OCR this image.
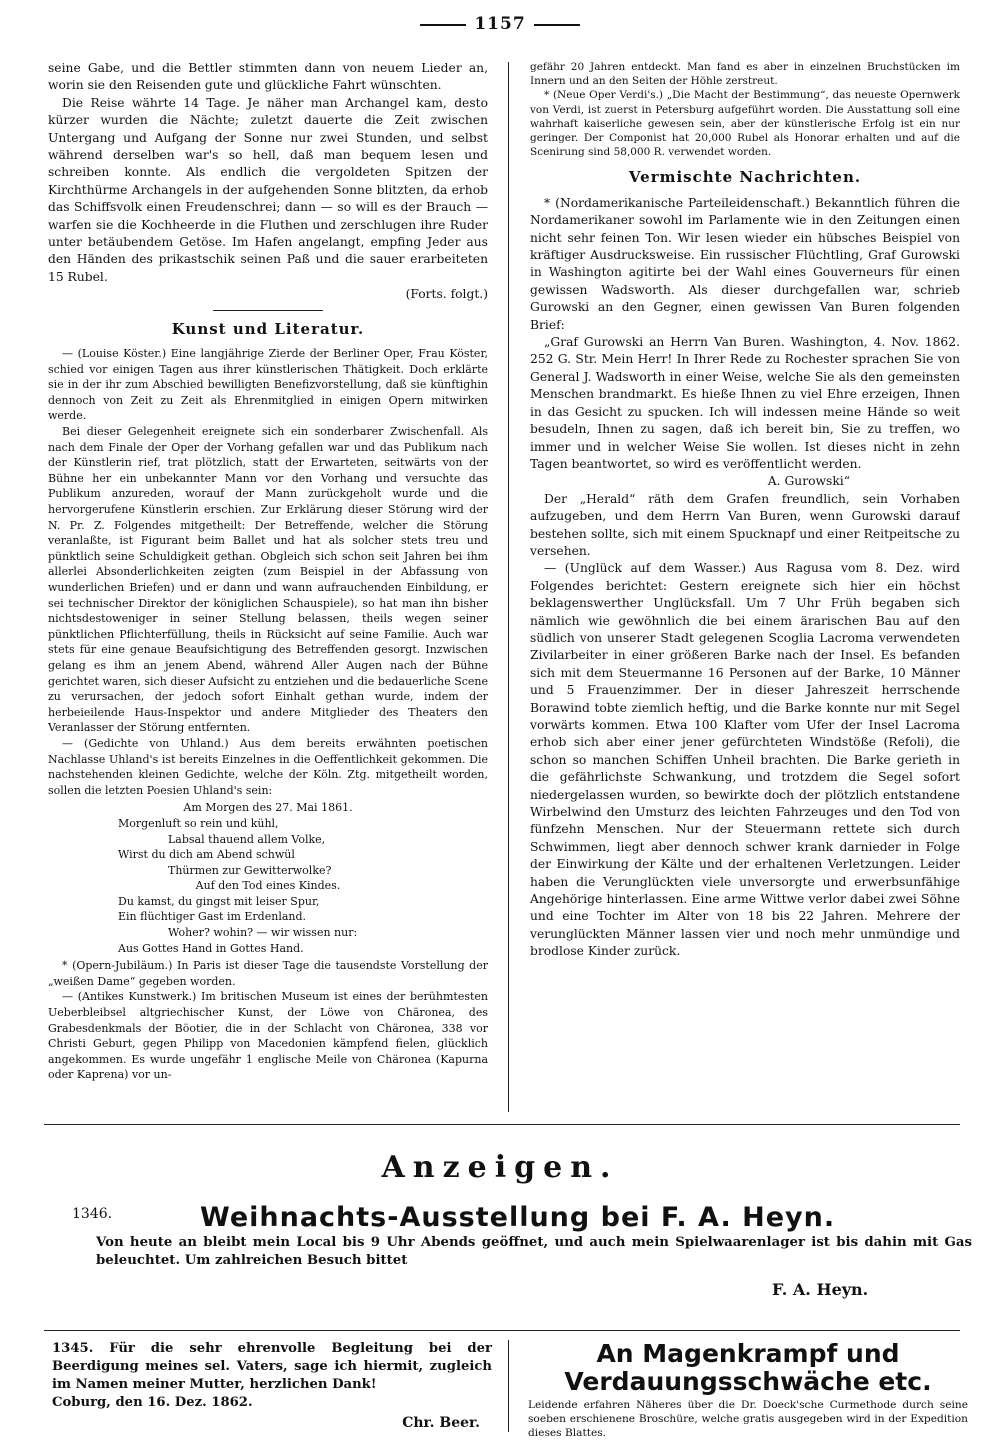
1157

seine Gabe, und die Bettler stimmten dann von neuem Lieder an, worin sie den Reisenden gute und glückliche Fahrt wünschten.

Die Reise währte 14 Tage. Je näher man Archangel kam, desto kürzer wurden die Nächte; zuletzt dauerte die Zeit zwischen Untergang und Aufgang der Sonne nur zwei Stunden, und selbst während derselben war's so hell, daß man bequem lesen und schreiben konnte. Als endlich die vergoldeten Spitzen der Kirchthürme Archangels in der aufgehenden Sonne blitzten, da erhob das Schiffsvolk einen Freudenschrei; dann — so will es der Brauch — warfen sie die Kochheerde in die Fluthen und zerschlugen ihre Ruder unter betäubendem Getöse. Im Hafen angelangt, empfing Jeder aus den Händen des prikastschik seinen Paß und die sauer erarbeiteten 15 Rubel.

(Forts. folgt.)

Kunst und Literatur.

— (Louise Köster.) Eine langjährige Zierde der Berliner Oper, Frau Köster, schied vor einigen Tagen aus ihrer künstlerischen Thätigkeit. Doch erklärte sie in der ihr zum Abschied bewilligten Benefizvorstellung, daß sie künftighin dennoch von Zeit zu Zeit als Ehrenmitglied in einigen Opern mitwirken werde.

Bei dieser Gelegenheit ereignete sich ein sonderbarer Zwischenfall. Als nach dem Finale der Oper der Vorhang gefallen war und das Publikum nach der Künstlerin rief, trat plötzlich, statt der Erwarteten, seitwärts von der Bühne her ein unbekannter Mann vor den Vorhang und versuchte das Publikum anzureden, worauf der Mann zurückgeholt wurde und die hervorgerufene Künstlerin erschien. Zur Erklärung dieser Störung wird der N. Pr. Z. Folgendes mitgetheilt: Der Betreffende, welcher die Störung veranlaßte, ist Figurant beim Ballet und hat als solcher stets treu und pünktlich seine Schuldigkeit gethan. Obgleich sich schon seit Jahren bei ihm allerlei Absonderlichkeiten zeigten (zum Beispiel in der Abfassung von wunderlichen Briefen) und er dann und wann aufrauchenden Einbildung, er sei technischer Direktor der königlichen Schauspiele), so hat man ihn bisher nichtsdestoweniger in seiner Stellung belassen, theils wegen seiner pünktlichen Pflichterfüllung, theils in Rücksicht auf seine Familie. Auch war stets für eine genaue Beaufsichtigung des Betreffenden gesorgt. Inzwischen gelang es ihm an jenem Abend, während Aller Augen nach der Bühne gerichtet waren, sich dieser Aufsicht zu entziehen und die bedauerliche Scene zu verursachen, der jedoch sofort Einhalt gethan wurde, indem der herbeieilende Haus-Inspektor und andere Mitglieder des Theaters den Veranlasser der Störung entfernten.

— (Gedichte von Uhland.) Aus dem bereits erwähnten poetischen Nachlasse Uhland's ist bereits Einzelnes in die Oeffentlichkeit gekommen. Die nachstehenden kleinen Gedichte, welche der Köln. Ztg. mitgetheilt worden, sollen die letzten Poesien Uhland's sein:

Am Morgen des 27. Mai 1861.
Morgenluft so rein und kühl,
Labsal thauend allem Volke,
Wirst du dich am Abend schwül
Thürmen zur Gewitterwolke?
Auf den Tod eines Kindes.
Du kamst, du gingst mit leiser Spur,
Ein flüchtiger Gast im Erdenland.
Woher? wohin? — wir wissen nur:
Aus Gottes Hand in Gottes Hand.

* (Opern-Jubiläum.) In Paris ist dieser Tage die tausendste Vorstellung der „weißen Dame“ gegeben worden.

— (Antikes Kunstwerk.) Im britischen Museum ist eines der berühmtesten Ueberbleibsel altgriechischer Kunst, der Löwe von Chäronea, des Grabesdenkmals der Böotier, die in der Schlacht von Chäronea, 338 vor Christi Geburt, gegen Philipp von Macedonien kämpfend fielen, glücklich angekommen. Es wurde ungefähr 1 englische Meile von Chäronea (Kapurna oder Kaprena) vor un-

gefähr 20 Jahren entdeckt. Man fand es aber in einzelnen Bruchstücken im Innern und an den Seiten der Höhle zerstreut.

* (Neue Oper Verdi's.) „Die Macht der Bestimmung“, das neueste Opernwerk von Verdi, ist zuerst in Petersburg aufgeführt worden. Die Ausstattung soll eine wahrhaft kaiserliche gewesen sein, aber der künstlerische Erfolg ist ein nur geringer. Der Componist hat 20,000 Rubel als Honorar erhalten und auf die Scenirung sind 58,000 R. verwendet worden.

Vermischte Nachrichten.

* (Nordamerikanische Parteileidenschaft.) Bekanntlich führen die Nordamerikaner sowohl im Parlamente wie in den Zeitungen einen nicht sehr feinen Ton. Wir lesen wieder ein hübsches Beispiel von kräftiger Ausdrucksweise. Ein russischer Flüchtling, Graf Gurowski in Washington agitirte bei der Wahl eines Gouverneurs für einen gewissen Wadsworth. Als dieser durchgefallen war, schrieb Gurowski an den Gegner, einen gewissen Van Buren folgenden Brief:

„Graf Gurowski an Herrn Van Buren. Washington, 4. Nov. 1862. 252 G. Str. Mein Herr! In Ihrer Rede zu Rochester sprachen Sie von General J. Wadsworth in einer Weise, welche Sie als den gemeinsten Menschen brandmarkt. Es hieße Ihnen zu viel Ehre erzeigen, Ihnen in das Gesicht zu spucken. Ich will indessen meine Hände so weit besudeln, Ihnen zu sagen, daß ich bereit bin, Sie zu treffen, wo immer und in welcher Weise Sie wollen. Ist dieses nicht in zehn Tagen beantwortet, so wird es veröffentlicht werden.

A. Gurowski“

Der „Herald“ räth dem Grafen freundlich, sein Vorhaben aufzugeben, und dem Herrn Van Buren, wenn Gurowski darauf bestehen sollte, sich mit einem Spucknapf und einer Reitpeitsche zu versehen.

— (Unglück auf dem Wasser.) Aus Ragusa vom 8. Dez. wird Folgendes berichtet: Gestern ereignete sich hier ein höchst beklagenswerther Unglücksfall. Um 7 Uhr Früh begaben sich nämlich wie gewöhnlich die bei einem ärarischen Bau auf den südlich von unserer Stadt gelegenen Scoglia Lacroma verwendeten Zivilarbeiter in einer größeren Barke nach der Insel. Es befanden sich mit dem Steuermanne 16 Personen auf der Barke, 10 Männer und 5 Frauenzimmer. Der in dieser Jahreszeit herrschende Borawind tobte ziemlich heftig, und die Barke konnte nur mit Segel vorwärts kommen. Etwa 100 Klafter vom Ufer der Insel Lacroma erhob sich aber einer jener gefürchteten Windstöße (Refoli), die schon so manchen Schiffen Unheil brachten. Die Barke gerieth in die gefährlichste Schwankung, und trotzdem die Segel sofort niedergelassen wurden, so bewirkte doch der plötzlich entstandene Wirbelwind den Umsturz des leichten Fahrzeuges und den Tod von fünfzehn Menschen. Nur der Steuermann rettete sich durch Schwimmen, liegt aber dennoch schwer krank darnieder in Folge der Einwirkung der Kälte und der erhaltenen Verletzungen. Leider haben die Verunglückten viele unversorgte und erwerbsunfähige Angehörige hinterlassen. Eine arme Wittwe verlor dabei zwei Söhne und eine Tochter im Alter von 18 bis 22 Jahren. Mehrere der verunglückten Männer lassen vier und noch mehr unmündige und brodlose Kinder zurück.

Anzeigen.
1346.	Weihnachts-Ausstellung bei F. A. Heyn.
Von heute an bleibt mein Local bis 9 Uhr Abends geöffnet, und auch mein Spielwaarenlager ist bis dahin mit Gas beleuchtet. Um zahlreichen Besuch bittet
F. A. Heyn.
1345. Für die sehr ehrenvolle Begleitung bei der Beerdigung meines sel. Vaters, sage ich hiermit, zugleich im Namen meiner Mutter, herzlichen Dank!
Coburg, den 16. Dez. 1862.
Chr. Beer.
An Magenkrampf und Verdauungsschwäche etc.
Leidende erfahren Näheres über die Dr. Doeck'sche Curmethode durch seine soeben erschienene Broschüre, welche gratis ausgegeben wird in der Expedition dieses Blattes.
